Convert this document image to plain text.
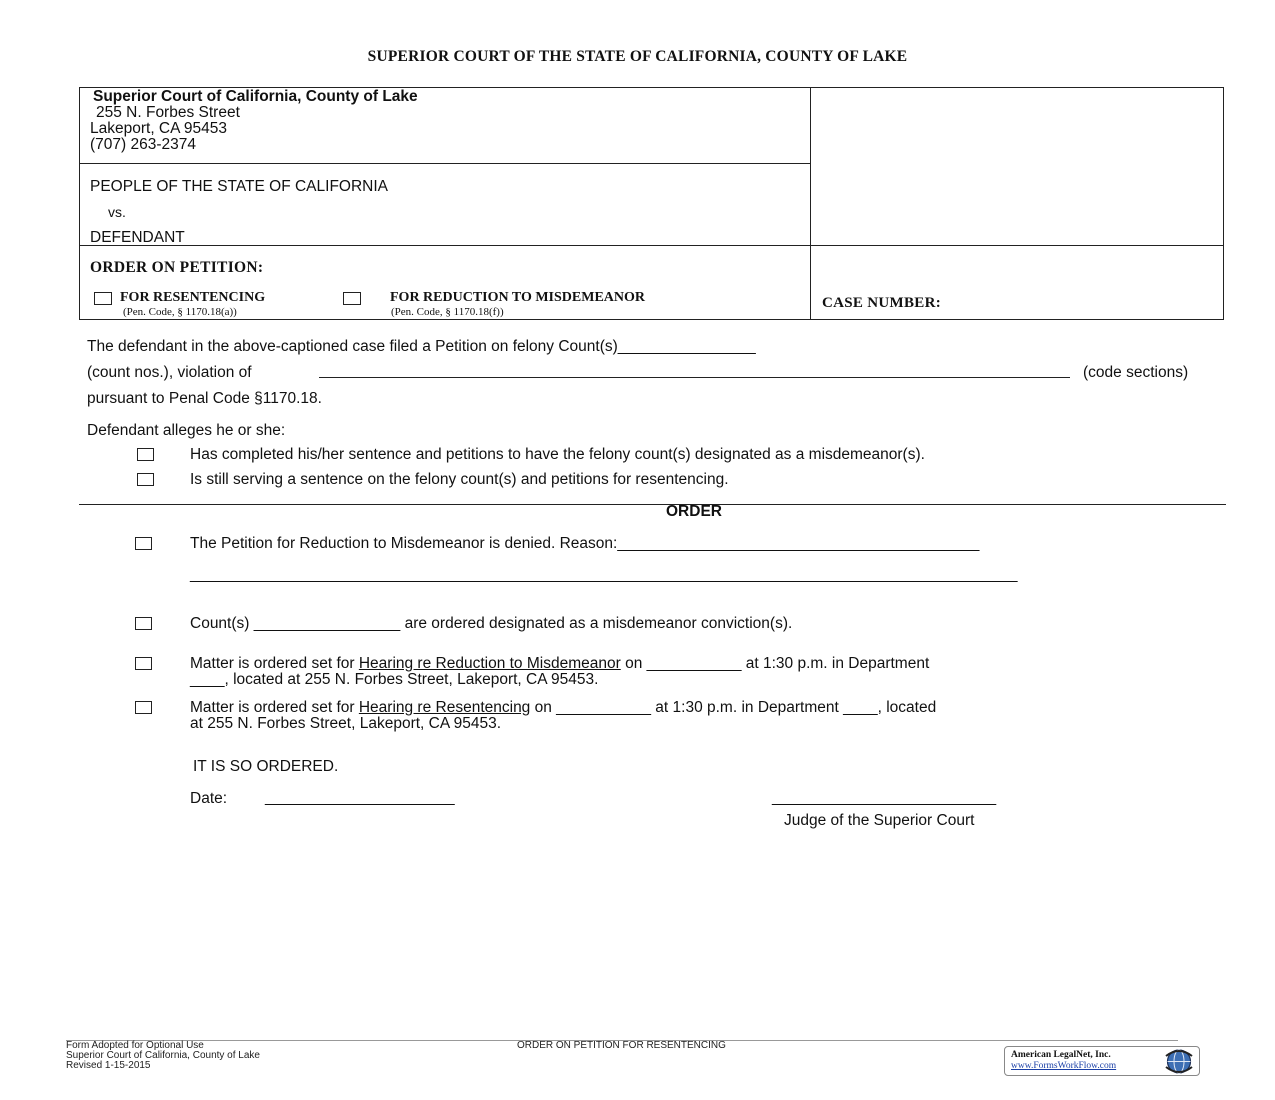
SUPERIOR COURT OF THE STATE OF CALIFORNIA, COUNTY OF LAKE
Superior Court of California, County of Lake
255 N. Forbes Street
Lakeport, CA 95453
(707) 263-2374
PEOPLE OF THE STATE OF CALIFORNIA
vs.
DEFENDANT
ORDER ON PETITION:
FOR RESENTENCING
(Pen. Code, § 1170.18(a))
FOR REDUCTION TO MISDEMEANOR
(Pen. Code, § 1170.18(f))
CASE NUMBER:
The defendant in the above-captioned case filed a Petition on felony Count(s)________________
(count nos.), violation of	(code sections)
pursuant to Penal Code §1170.18.
Defendant alleges he or she:
Has completed his/her sentence and petitions to have the felony count(s) designated as a misdemeanor(s).
Is still serving a sentence on the felony count(s) and petitions for resentencing.
ORDER
The Petition for Reduction to Misdemeanor is denied. Reason:__________________________________________
________________________________________________________________________________________________
Count(s) _________________ are ordered designated as a misdemeanor conviction(s).
Matter is ordered set for Hearing re Reduction to Misdemeanor on ___________ at 1:30 p.m. in Department
____, located at 255 N. Forbes Street, Lakeport, CA 95453.
Matter is ordered set for Hearing re Resentencing on ___________ at 1:30 p.m. in Department ____, located
at 255 N. Forbes Street, Lakeport, CA 95453.
IT IS SO ORDERED.
Date: ______________________	__________________________
Judge of the Superior Court
Form Adopted for Optional Use
Superior Court of California, County of Lake
Revised 1-15-2015
ORDER ON PETITION FOR RESENTENCING
American LegalNet, Inc.
www.FormsWorkFlow.com
